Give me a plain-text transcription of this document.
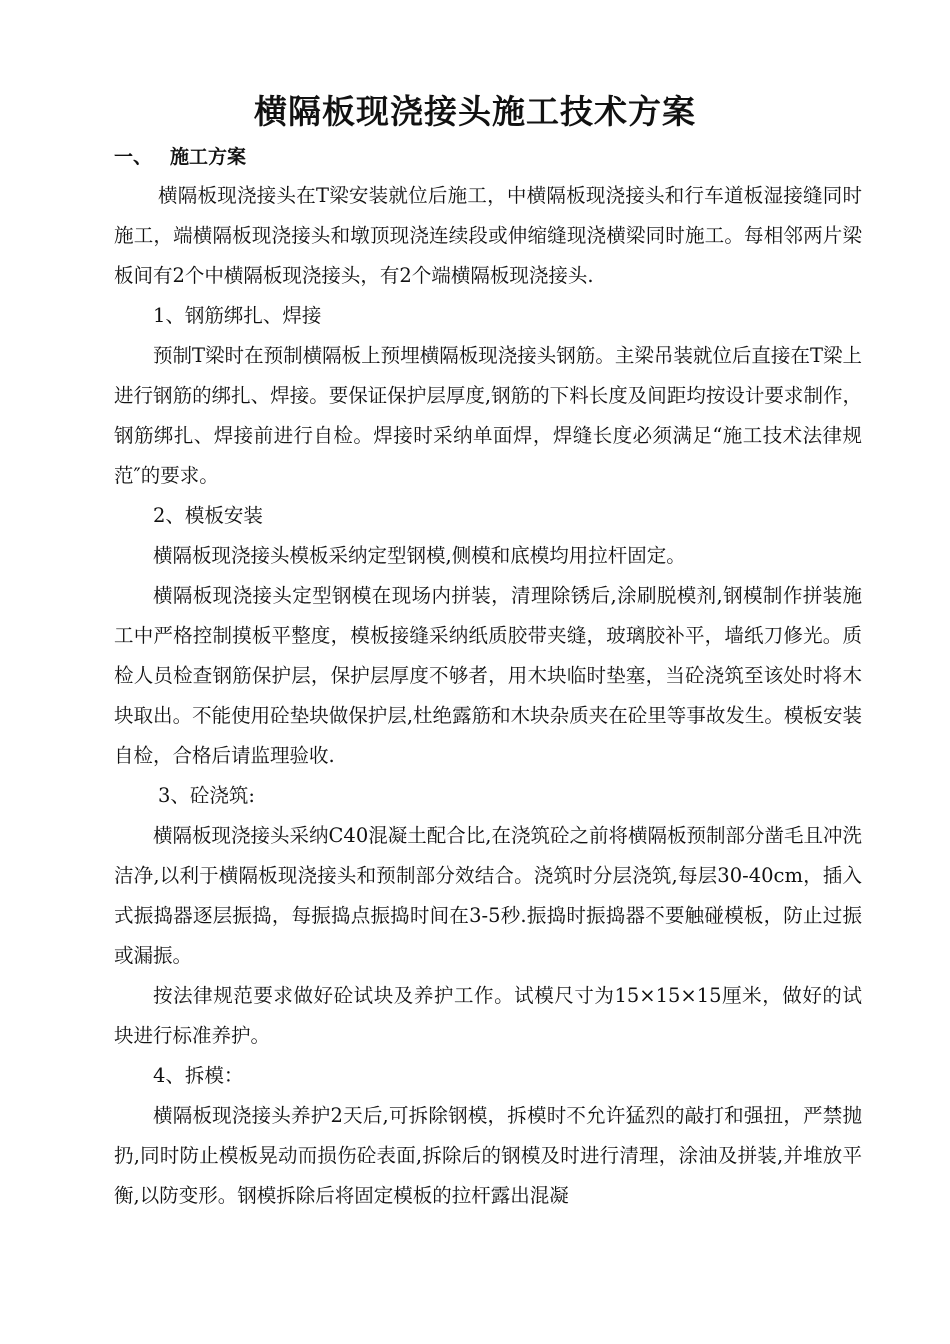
横隔板现浇接头施工技术方案
一、 施工方案

横隔板现浇接头在T梁安装就位后施工，中横隔板现浇接头和行车道板湿接缝同时施工，端横隔板现浇接头和墩顶现浇连续段或伸缩缝现浇横梁同时施工。每相邻两片梁板间有2个中横隔板现浇接头，有2个端横隔板现浇接头.

1、钢筋绑扎、焊接

预制T梁时在预制横隔板上预埋横隔板现浇接头钢筋。主梁吊装就位后直接在T梁上进行钢筋的绑扎、焊接。要保证保护层厚度,钢筋的下料长度及间距均按设计要求制作，钢筋绑扎、焊接前进行自检。焊接时采纳单面焊，焊缝长度必须满足“施工技术法律规范″的要求。

2、模板安装

横隔板现浇接头模板采纳定型钢模,侧模和底模均用拉杆固定。

横隔板现浇接头定型钢模在现场内拼装，清理除锈后,涂刷脱模剂,钢模制作拼装施工中严格控制摸板平整度，模板接缝采纳纸质胶带夹缝，玻璃胶补平，墙纸刀修光。质检人员检查钢筋保护层，保护层厚度不够者，用木块临时垫塞，当砼浇筑至该处时将木块取出。不能使用砼垫块做保护层,杜绝露筋和木块杂质夹在砼里等事故发生。模板安装自检，合格后请监理验收.

3、砼浇筑:

横隔板现浇接头采纳C40混凝土配合比,在浇筑砼之前将横隔板预制部分凿毛且冲洗洁净,以利于横隔板现浇接头和预制部分效结合。浇筑时分层浇筑,每层30-40cm，插入式振捣器逐层振捣，每振捣点振捣时间在3-5秒.振捣时振捣器不要触碰模板，防止过振或漏振。

按法律规范要求做好砼试块及养护工作。试模尺寸为15×15×15厘米，做好的试块进行标准养护。

4、拆模：

横隔板现浇接头养护2天后,可拆除钢模，拆模时不允许猛烈的敲打和强扭，严禁抛扔,同时防止模板晃动而损伤砼表面,拆除后的钢模及时进行清理，涂油及拼装,并堆放平衡,以防变形。钢模拆除后将固定模板的拉杆露出混凝
